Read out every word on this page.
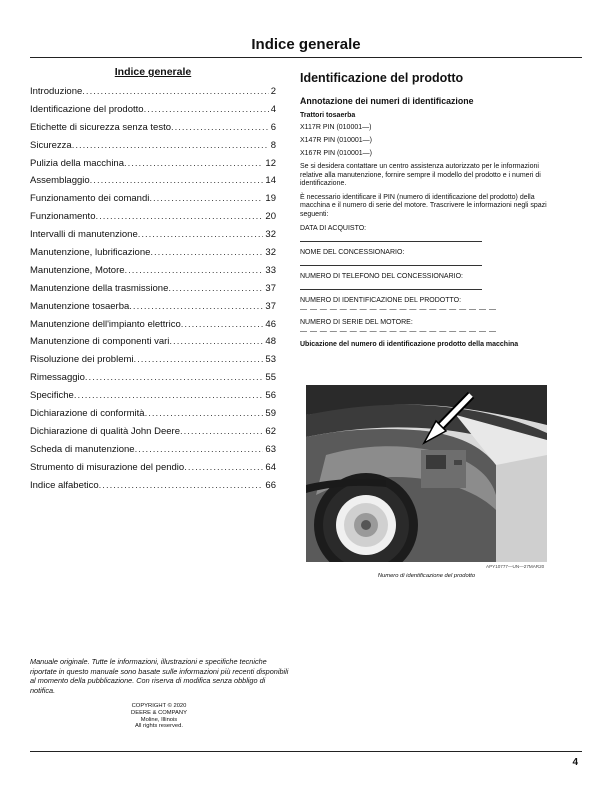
Indice generale
Indice generale
Introduzione .....	2
Identificazione del prodotto .....	4
Etichette di sicurezza senza testo .....	6
Sicurezza .....	8
Pulizia della macchina .....	12
Assemblaggio .....	14
Funzionamento dei comandi .....	19
Funzionamento .....	20
Intervalli di manutenzione .....	32
Manutenzione, lubrificazione .....	32
Manutenzione, Motore .....	33
Manutenzione della trasmissione .....	37
Manutenzione tosaerba .....	37
Manutenzione dell'impianto elettrico .....	46
Manutenzione di componenti vari .....	48
Risoluzione dei problemi .....	53
Rimessaggio .....	55
Specifiche .....	56
Dichiarazione di conformità .....	59
Dichiarazione di qualità John Deere .....	62
Scheda di manutenzione .....	63
Strumento di misurazione del pendio .....	64
Indice alfabetico .....	66
Manuale originale. Tutte le informazioni, illustrazioni e specifiche tecniche riportate in questo manuale sono basate sulle informazioni più recenti disponibili al momento della pubblicazione. Con riserva di modifica senza obbligo di notifica.
COPYRIGHT © 2020
DEERE & COMPANY
Moline, Illinois
All rights reserved.
Identificazione del prodotto
Annotazione dei numeri di identificazione
Trattori tosaerba
X117R PIN (010001—)
X147R PIN (010001—)
X167R PIN (010001—)
Se si desidera contattare un centro assistenza autorizzato per le informazioni relative alla manutenzione, fornire sempre il modello del prodotto e i numeri di identificazione.
È necessario identificare il PIN (numero di identificazione del prodotto) della macchina e il numero di serie del motore. Trascrivere le informazioni negli spazi seguenti:
DATA DI ACQUISTO:
NOME DEL CONCESSIONARIO:
NUMERO DI TELEFONO DEL CONCESSIONARIO:
NUMERO DI IDENTIFICAZIONE DEL PRODOTTO:
— — — — — — — — — — — — — — — — — — — —
NUMERO DI SERIE DEL MOTORE:
— — — — — — — — — — — — — — — — — — — —
Ubicazione del numero di identificazione prodotto della macchina
APY10777—UN—27MAR20
Numero di identificazione del prodotto
4
